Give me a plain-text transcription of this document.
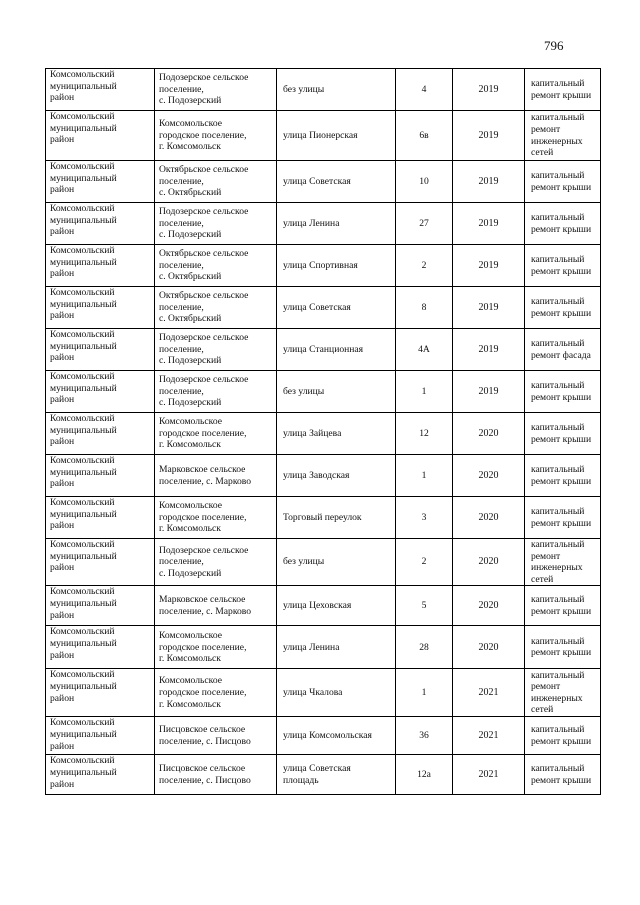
796
Комсомольский
муниципальный
район	Подозерское сельское
поселение,
с. Подозерский	без улицы	4	2019	капитальный
ремонт крыши
Комсомольский
муниципальный
район	Комсомольское
городское поселение,
г. Комсомольск	улица Пионерская	6в	2019	капитальный
ремонт
инженерных
сетей
Комсомольский
муниципальный
район	Октябрьское сельское
поселение,
с. Октябрьский	улица Советская	10	2019	капитальный
ремонт крыши
Комсомольский
муниципальный
район	Подозерское сельское
поселение,
с. Подозерский	улица Ленина	27	2019	капитальный
ремонт крыши
Комсомольский
муниципальный
район	Октябрьское сельское
поселение,
с. Октябрьский	улица Спортивная	2	2019	капитальный
ремонт крыши
Комсомольский
муниципальный
район	Октябрьское сельское
поселение,
с. Октябрьский	улица Советская	8	2019	капитальный
ремонт крыши
Комсомольский
муниципальный
район	Подозерское сельское
поселение,
с. Подозерский	улица Станционная	4А	2019	капитальный
ремонт фасада
Комсомольский
муниципальный
район	Подозерское сельское
поселение,
с. Подозерский	без улицы	1	2019	капитальный
ремонт крыши
Комсомольский
муниципальный
район	Комсомольское
городское поселение,
г. Комсомольск	улица Зайцева	12	2020	капитальный
ремонт крыши
Комсомольский
муниципальный
район	Марковское сельское
поселение, с. Марково	улица Заводская	1	2020	капитальный
ремонт крыши
Комсомольский
муниципальный
район	Комсомольское
городское поселение,
г. Комсомольск	Торговый переулок	3	2020	капитальный
ремонт крыши
Комсомольский
муниципальный
район	Подозерское сельское
поселение,
с. Подозерский	без улицы	2	2020	капитальный
ремонт
инженерных
сетей
Комсомольский
муниципальный
район	Марковское сельское
поселение, с. Марково	улица Цеховская	5	2020	капитальный
ремонт крыши
Комсомольский
муниципальный
район	Комсомольское
городское поселение,
г. Комсомольск	улица Ленина	28	2020	капитальный
ремонт крыши
Комсомольский
муниципальный
район	Комсомольское
городское поселение,
г. Комсомольск	улица Чкалова	1	2021	капитальный
ремонт
инженерных
сетей
Комсомольский
муниципальный
район	Писцовское сельское
поселение, с. Писцово	улица Комсомольская	36	2021	капитальный
ремонт крыши
Комсомольский
муниципальный
район	Писцовское сельское
поселение, с. Писцово	улица Советская
площадь	12а	2021	капитальный
ремонт крыши
